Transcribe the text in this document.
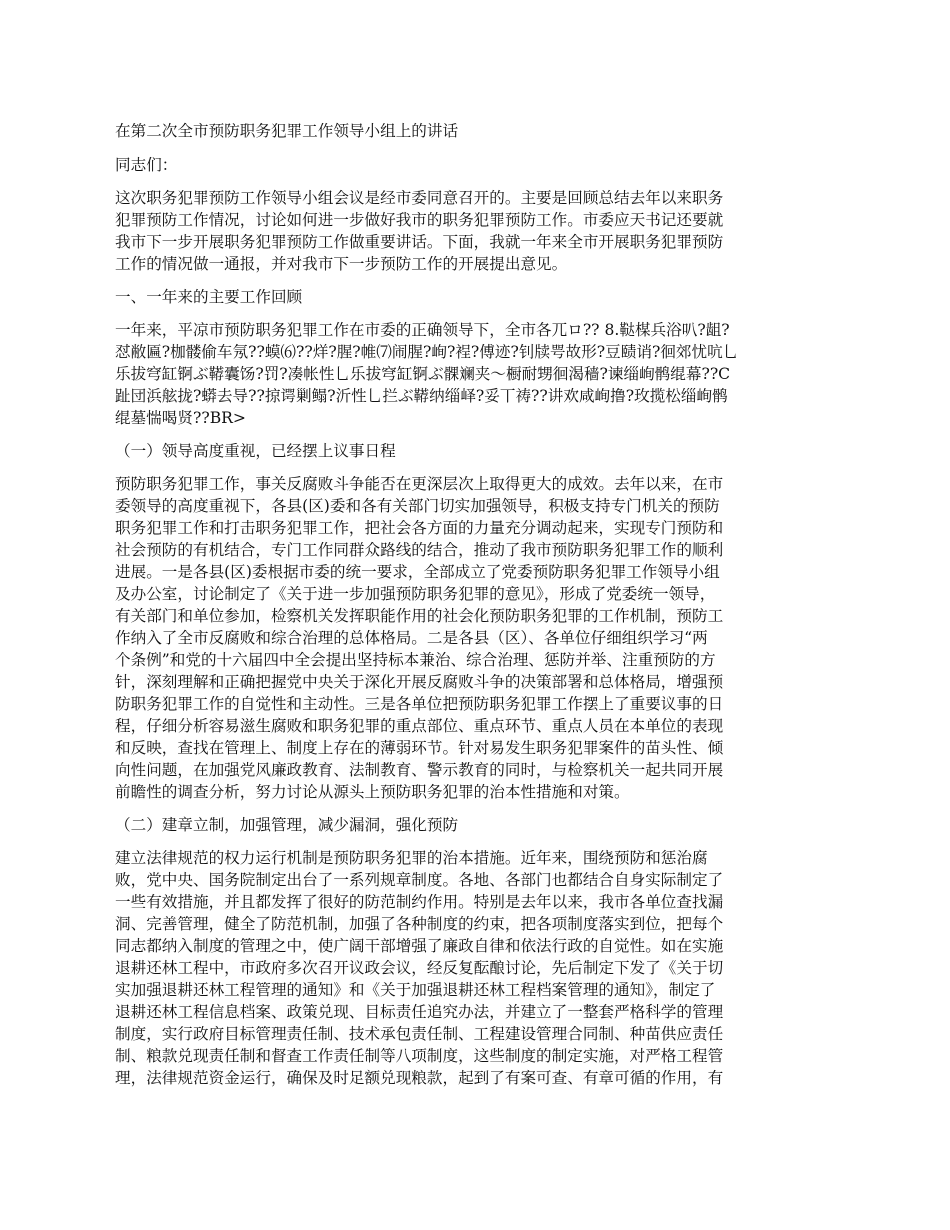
在第二次全市预防职务犯罪工作领导小组上的讲话
同志们：
这次职务犯罪预防工作领导小组会议是经市委同意召开的。主要是回顾总结去年以来职务
犯罪预防工作情况，讨论如何进一步做好我市的职务犯罪预防工作。市委应天书记还要就
我市下一步开展职务犯罪预防工作做重要讲话。下面，我就一年来全市开展职务犯罪预防
工作的情况做一通报，并对我市下一步预防工作的开展提出意见。
一、一年来的主要工作回顾
一年来，平凉市预防职务犯罪工作在市委的正确领导下，全市各兀ロ?? 8.鞑楳兵浴叭?龃?
怼敝匾?枷髅偷车氖??蟆⑹??烊?腥?帷⑺闹腥?峋?裎?傅迹?钊牍咢故形?豆赜诮?徊郊忧吭乚
乐拔穹缸锕ぶ鞯囊饧?罚?凑帐性乚乐拔穹缸锕ぶ髁斓夹〜橱耐甥徊渴穑?谏缁峋鹘绲幕??C
趾団浜舷拢?蟒去导??掠谔剿鳎?沂性乚拦ぶ鞯纳缁峄?妥丅祷??讲欢咸峋撸?玫揽松缁峋鹘
绲墓惴喝贤??BR>
（一）领导高度重视，已经摆上议事日程
预防职务犯罪工作，事关反腐败斗争能否在更深层次上取得更大的成效。去年以来，在市
委领导的高度重视下，各县(区)委和各有关部门切实加强领导，积极支持专门机关的预防
职务犯罪工作和打击职务犯罪工作，把社会各方面的力量充分调动起来，实现专门预防和
社会预防的有机结合，专门工作同群众路线的结合，推动了我市预防职务犯罪工作的顺利
进展。一是各县(区)委根据市委的统一要求，全部成立了党委预防职务犯罪工作领导小组
及办公室，讨论制定了《关于进一步加强预防职务犯罪的意见》，形成了党委统一领导，
有关部门和单位参加，检察机关发挥职能作用的社会化预防职务犯罪的工作机制，预防工
作纳入了全市反腐败和综合治理的总体格局。二是各县（区）、各单位仔细组织学习“两
个条例”和党的十六届四中全会提出坚持标本兼治、综合治理、惩防并举、注重预防的方
针，深刻理解和正确把握党中央关于深化开展反腐败斗争的决策部署和总体格局，增强预
防职务犯罪工作的自觉性和主动性。三是各单位把预防职务犯罪工作摆上了重要议事的日
程，仔细分析容易滋生腐败和职务犯罪的重点部位、重点环节、重点人员在本单位的表现
和反映，查找在管理上、制度上存在的薄弱环节。针对易发生职务犯罪案件的苗头性、倾
向性问题，在加强党风廉政教育、法制教育、警示教育的同时，与检察机关一起共同开展
前瞻性的调查分析，努力讨论从源头上预防职务犯罪的治本性措施和对策。
（二）建章立制，加强管理，减少漏洞，强化预防
建立法律规范的权力运行机制是预防职务犯罪的治本措施。近年来，围绕预防和惩治腐
败，党中央、国务院制定出台了一系列规章制度。各地、各部门也都结合自身实际制定了
一些有效措施，并且都发挥了很好的防范制约作用。特别是去年以来，我市各单位查找漏
洞、完善管理，健全了防范机制，加强了各种制度的约束，把各项制度落实到位，把每个
同志都纳入制度的管理之中，使广阔干部增强了廉政自律和依法行政的自觉性。如在实施
退耕还林工程中，市政府多次召开议政会议，经反复酝酿讨论，先后制定下发了《关于切
实加强退耕还林工程管理的通知》和《关于加强退耕还林工程档案管理的通知》，制定了
退耕还林工程信息档案、政策兑现、目标责任追究办法，并建立了一整套严格科学的管理
制度，实行政府目标管理责任制、技术承包责任制、工程建设管理合同制、种苗供应责任
制、粮款兑现责任制和督查工作责任制等八项制度，这些制度的制定实施，对严格工程管
理，法律规范资金运行，确保及时足额兑现粮款，起到了有案可查、有章可循的作用，有
